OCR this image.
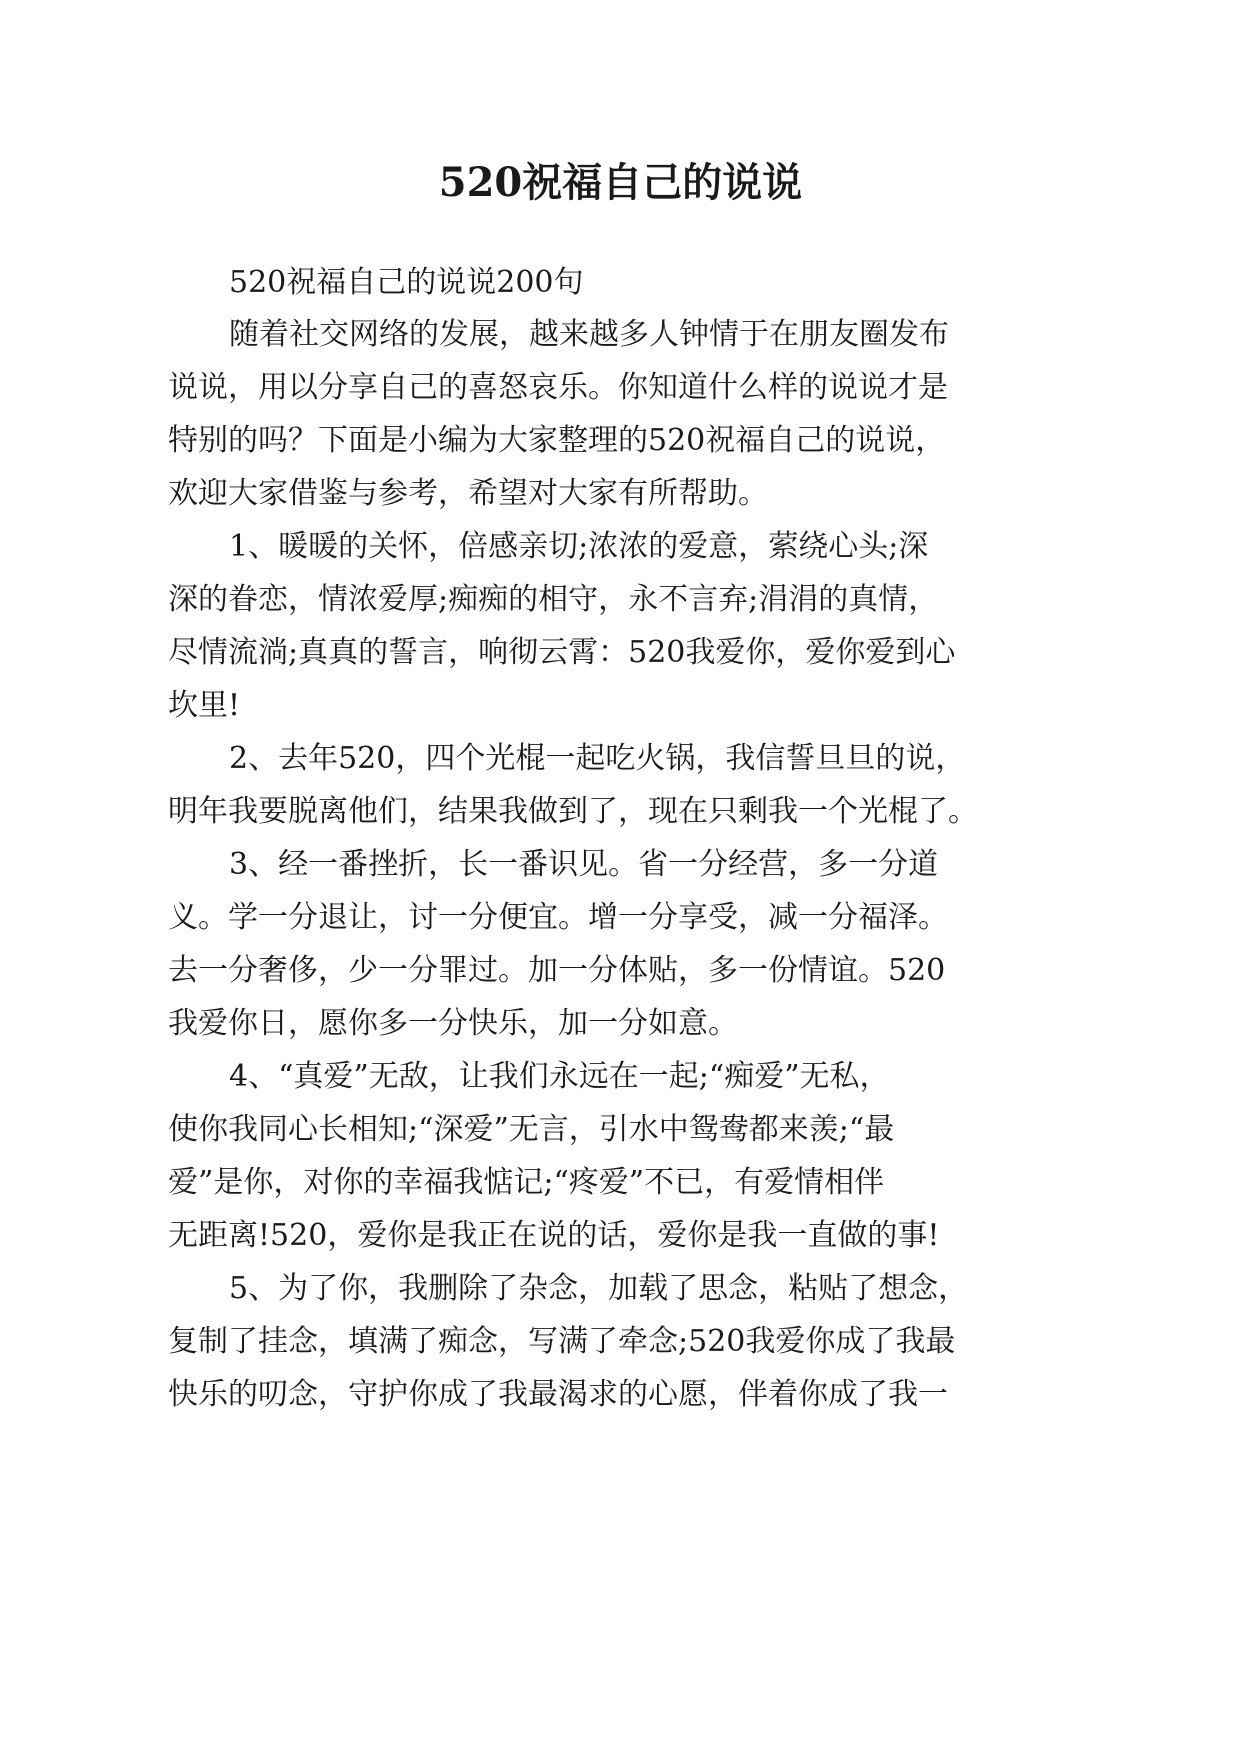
520祝福自己的说说

520祝福自己的说说200句

随着社交网络的发展，越来越多人钟情于在朋友圈发布

说说，用以分享自己的喜怒哀乐。你知道什么样的说说才是

特别的吗？下面是小编为大家整理的520祝福自己的说说，

欢迎大家借鉴与参考，希望对大家有所帮助。

1、暖暖的关怀，倍感亲切;浓浓的爱意，萦绕心头;深

深的眷恋，情浓爱厚;痴痴的相守，永不言弃;涓涓的真情，

尽情流淌;真真的誓言，响彻云霄：520我爱你，爱你爱到心

坎里!

2、去年520，四个光棍一起吃火锅，我信誓旦旦的说，

明年我要脱离他们，结果我做到了，现在只剩我一个光棍了。

3、经一番挫折，长一番识见。省一分经营，多一分道

义。学一分退让，讨一分便宜。增一分享受，减一分福泽。

去一分奢侈，少一分罪过。加一分体贴，多一份情谊。520

我爱你日，愿你多一分快乐，加一分如意。

4、“真爱”无敌，让我们永远在一起;“痴爱”无私，

使你我同心长相知;“深爱”无言，引水中鸳鸯都来羡;“最

爱”是你，对你的幸福我惦记;“疼爱”不已，有爱情相伴

无距离!520，爱你是我正在说的话，爱你是我一直做的事!

5、为了你，我删除了杂念，加载了思念，粘贴了想念，

复制了挂念，填满了痴念，写满了牵念;520我爱你成了我最

快乐的叨念，守护你成了我最渴求的心愿，伴着你成了我一
